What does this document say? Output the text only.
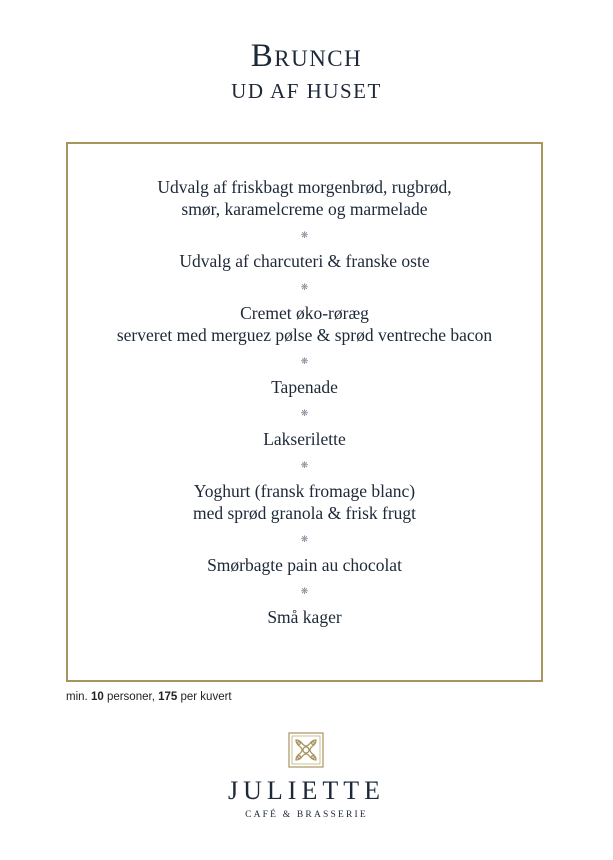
Brunch
UD AF HUSET
Udvalg af friskbagt morgenbrød, rugbrød,
smør, karamelcreme og marmelade
❋
Udvalg af charcuteri & franske oste
❋
Cremet øko-røræg
serveret med merguez pølse & sprød ventreche bacon
❋
Tapenade
❋
Lakserilette
❋
Yoghurt (fransk fromage blanc)
med sprød granola & frisk frugt
❋
Smørbagte pain au chocolat
❋
Små kager
min. 10 personer, 175 per kuvert
JULIETTE
CAFÉ & BRASSERIE
